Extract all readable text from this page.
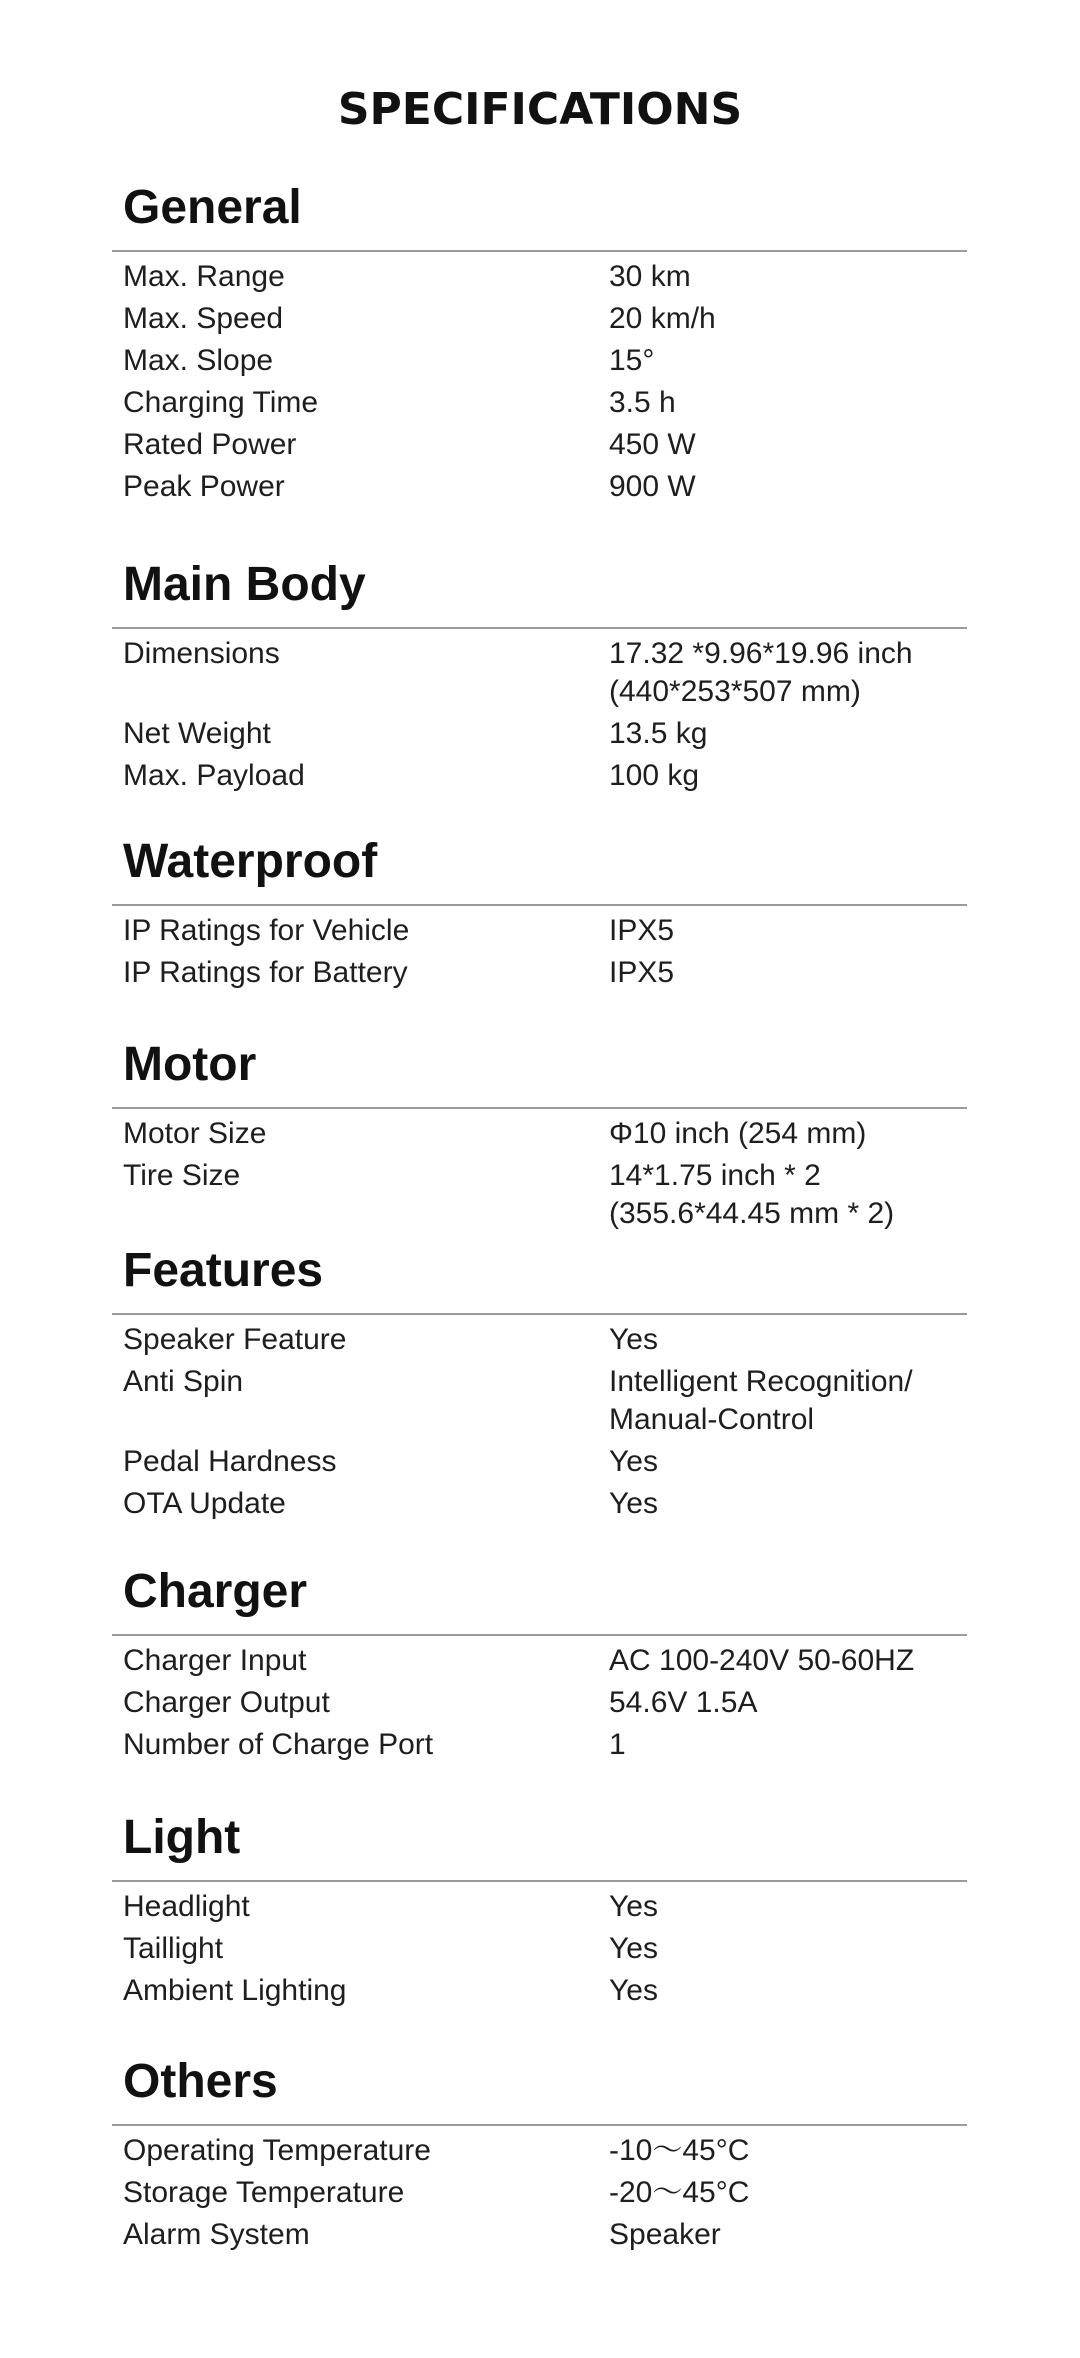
SPECIFICATIONS
General
Max. Range	30 km
Max. Speed	20 km/h
Max. Slope	15°
Charging Time	3.5 h
Rated Power	450 W
Peak Power	900 W
Main Body
Dimensions	17.32 *9.96*19.96 inch
(440*253*507 mm)
Net Weight	13.5 kg
Max. Payload	100 kg
Waterproof
IP Ratings for Vehicle	IPX5
IP Ratings for Battery	IPX5
Motor
Motor Size	Φ10 inch (254 mm)
Tire Size	14*1.75 inch * 2
(355.6*44.45 mm * 2)
Features
Speaker Feature	Yes
Anti Spin	Intelligent Recognition/
Manual-Control
Pedal Hardness	Yes
OTA Update	Yes
Charger
Charger Input	AC 100-240V 50-60HZ
Charger Output	54.6V 1.5A
Number of Charge Port	1
Light
Headlight	Yes
Taillight	Yes
Ambient Lighting	Yes
Others
Operating Temperature	-10〜45°C
Storage Temperature	-20〜45°C
Alarm System	Speaker
